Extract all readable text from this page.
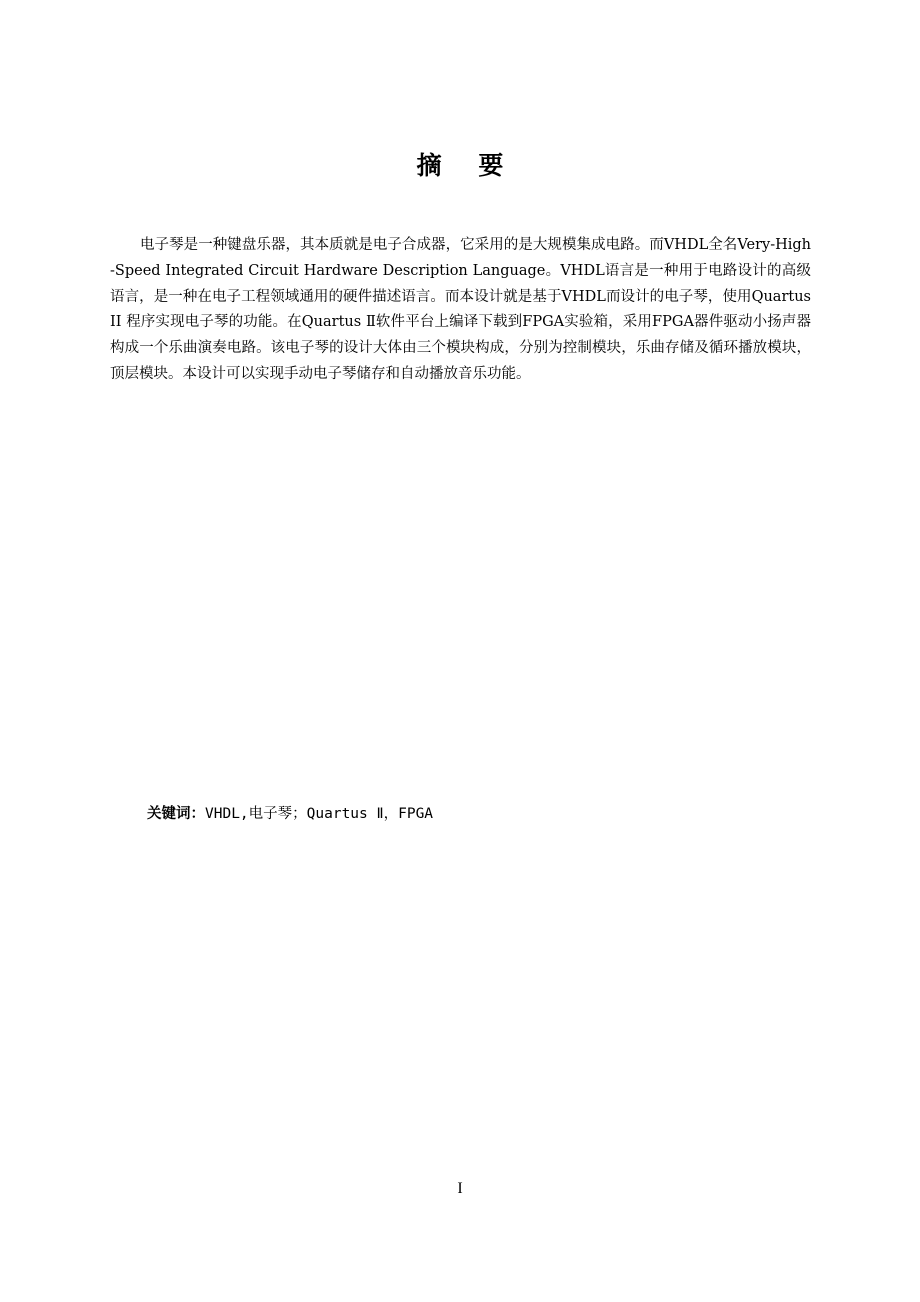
摘 要

电子琴是一种键盘乐器，其本质就是电子合成器，它采用的是大规模集成电路。而VHDL全名Very-High-Speed Integrated Circuit Hardware Description Language。VHDL语言是一种用于电路设计的高级语言，是一种在电子工程领域通用的硬件描述语言。而本设计就是基于VHDL而设计的电子琴，使用Quartus II 程序实现电子琴的功能。在Quartus Ⅱ软件平台上编译下载到FPGA实验箱，采用FPGA器件驱动小扬声器构成一个乐曲演奏电路。该电子琴的设计大体由三个模块构成，分别为控制模块，乐曲存储及循环播放模块，顶层模块。本设计可以实现手动电子琴储存和自动播放音乐功能。

关键词：VHDL,电子琴；Quartus Ⅱ，FPGA
I
